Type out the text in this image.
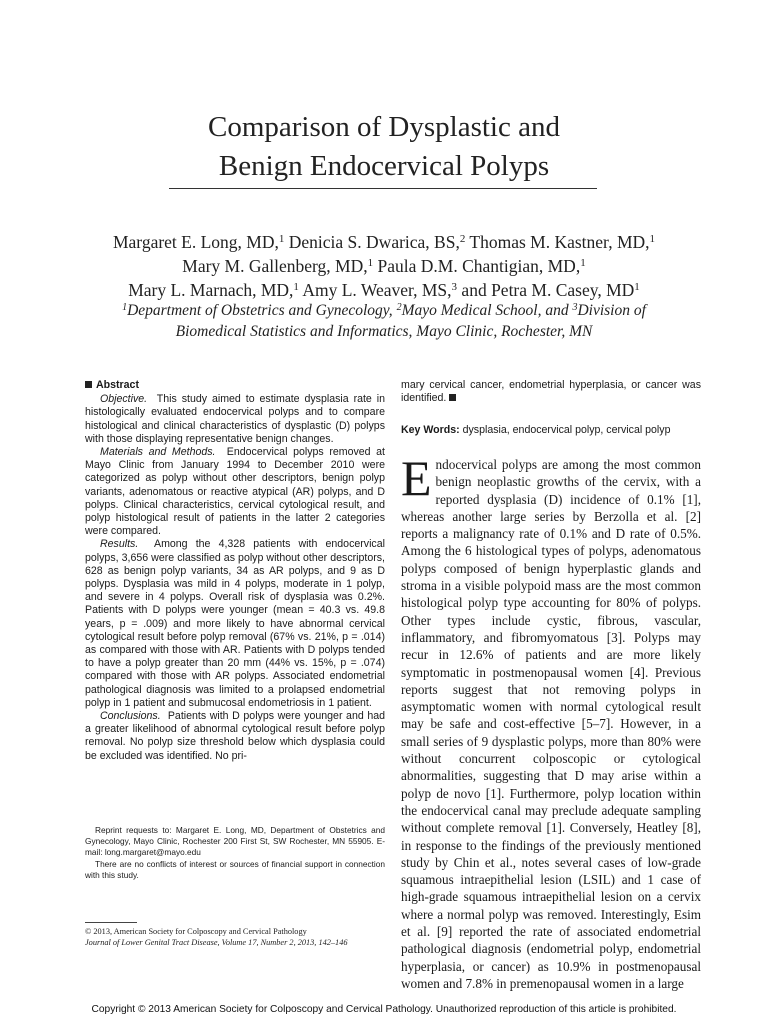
Comparison of Dysplastic and
Benign Endocervical Polyps
Margaret E. Long, MD,$^1$ Denicia S. Dwarica, BS,$^2$ Thomas M. Kastner, MD,$^1$
Mary M. Gallenberg, MD,$^1$ Paula D.M. Chantigian, MD,$^1$
Mary L. Marnach, MD,$^1$ Amy L. Weaver, MS,$^3$ and Petra M. Casey, $MD^1$
$^1$Department of Obstetrics and Gynecology, $^2$Mayo Medical School, and $^3$Division of
Biomedical Statistics and Informatics, Mayo Clinic, Rochester, MN
Abstract

Objective. This study aimed to estimate dysplasia rate in histologically evaluated endocervical polyps and to compare histological and clinical characteristics of dysplastic (D) polyps with those displaying representative benign changes.

Materials and Methods. Endocervical polyps removed at Mayo Clinic from January 1994 to December 2010 were categorized as polyp without other descriptors, benign polyp variants, adenomatous or reactive atypical (AR) polyps, and D polyps. Clinical characteristics, cervical cytological result, and polyp histological result of patients in the latter 2 categories were compared.

Results. Among the 4,328 patients with endocervical polyps, 3,656 were classified as polyp without other descriptors, 628 as benign polyp variants, 34 as AR polyps, and 9 as D polyps. Dysplasia was mild in 4 polyps, moderate in 1 polyp, and severe in 4 polyps. Overall risk of dysplasia was 0.2%. Patients with D polyps were younger (mean = 40.3 vs. 49.8 years, p = .009) and more likely to have abnormal cervical cytological result before polyp removal (67% vs. 21%, p = .014) as compared with those with AR. Patients with D polyps tended to have a polyp greater than 20 mm (44% vs. 15%, p = .074) compared with those with AR polyps. Associated endometrial pathological diagnosis was limited to a prolapsed endometrial polyp in 1 patient and submucosal endometriosis in 1 patient.

Conclusions. Patients with D polyps were younger and had a greater likelihood of abnormal cytological result before polyp removal. No polyp size threshold below which dysplasia could be excluded was identified. No pri-

Reprint requests to: Margaret E. Long, MD, Department of Obstetrics and Gynecology, Mayo Clinic, Rochester 200 First St, SW Rochester, MN 55905. E-mail: long.margaret@mayo.edu

There are no conflicts of interest or sources of financial support in connection with this study.

© 2013, American Society for Colposcopy and Cervical Pathology
Journal of Lower Genital Tract Disease, Volume 17, Number 2, 2013, 142–146
mary cervical cancer, endometrial hyperplasia, or cancer was identified.
Key Words: dysplasia, endocervical polyp, cervical polyp

Endocervical polyps are among the most common benign neoplastic growths of the cervix, with a reported dysplasia (D) incidence of 0.1% [1], whereas another large series by Berzolla et al. [2] reports a malignancy rate of 0.1% and D rate of 0.5%. Among the 6 histological types of polyps, adenomatous polyps composed of benign hyperplastic glands and stroma in a visible polypoid mass are the most common histological polyp type accounting for 80% of polyps. Other types include cystic, fibrous, vascular, inflammatory, and fibromyomatous [3]. Polyps may recur in 12.6% of patients and are more likely symptomatic in postmenopausal women [4]. Previous reports suggest that not removing polyps in asymptomatic women with normal cytological result may be safe and cost-effective [5–7]. However, in a small series of 9 dysplastic polyps, more than 80% were without concurrent colposcopic or cytological abnormalities, suggesting that D may arise within a polyp de novo [1]. Furthermore, polyp location within the endocervical canal may preclude adequate sampling without complete removal [1]. Conversely, Heatley [8], in response to the findings of the previously mentioned study by Chin et al., notes several cases of low-grade squamous intraepithelial lesion (LSIL) and 1 case of high-grade squamous intraepithelial lesion on a cervix where a normal polyp was removed. Interestingly, Esim et al. [9] reported the rate of associated endometrial pathological diagnosis (endometrial polyp, endometrial hyperplasia, or cancer) as 10.9% in postmenopausal women and 7.8% in premenopausal women in a large

Copyright © 2013 American Society for Colposcopy and Cervical Pathology. Unauthorized reproduction of this article is prohibited.
